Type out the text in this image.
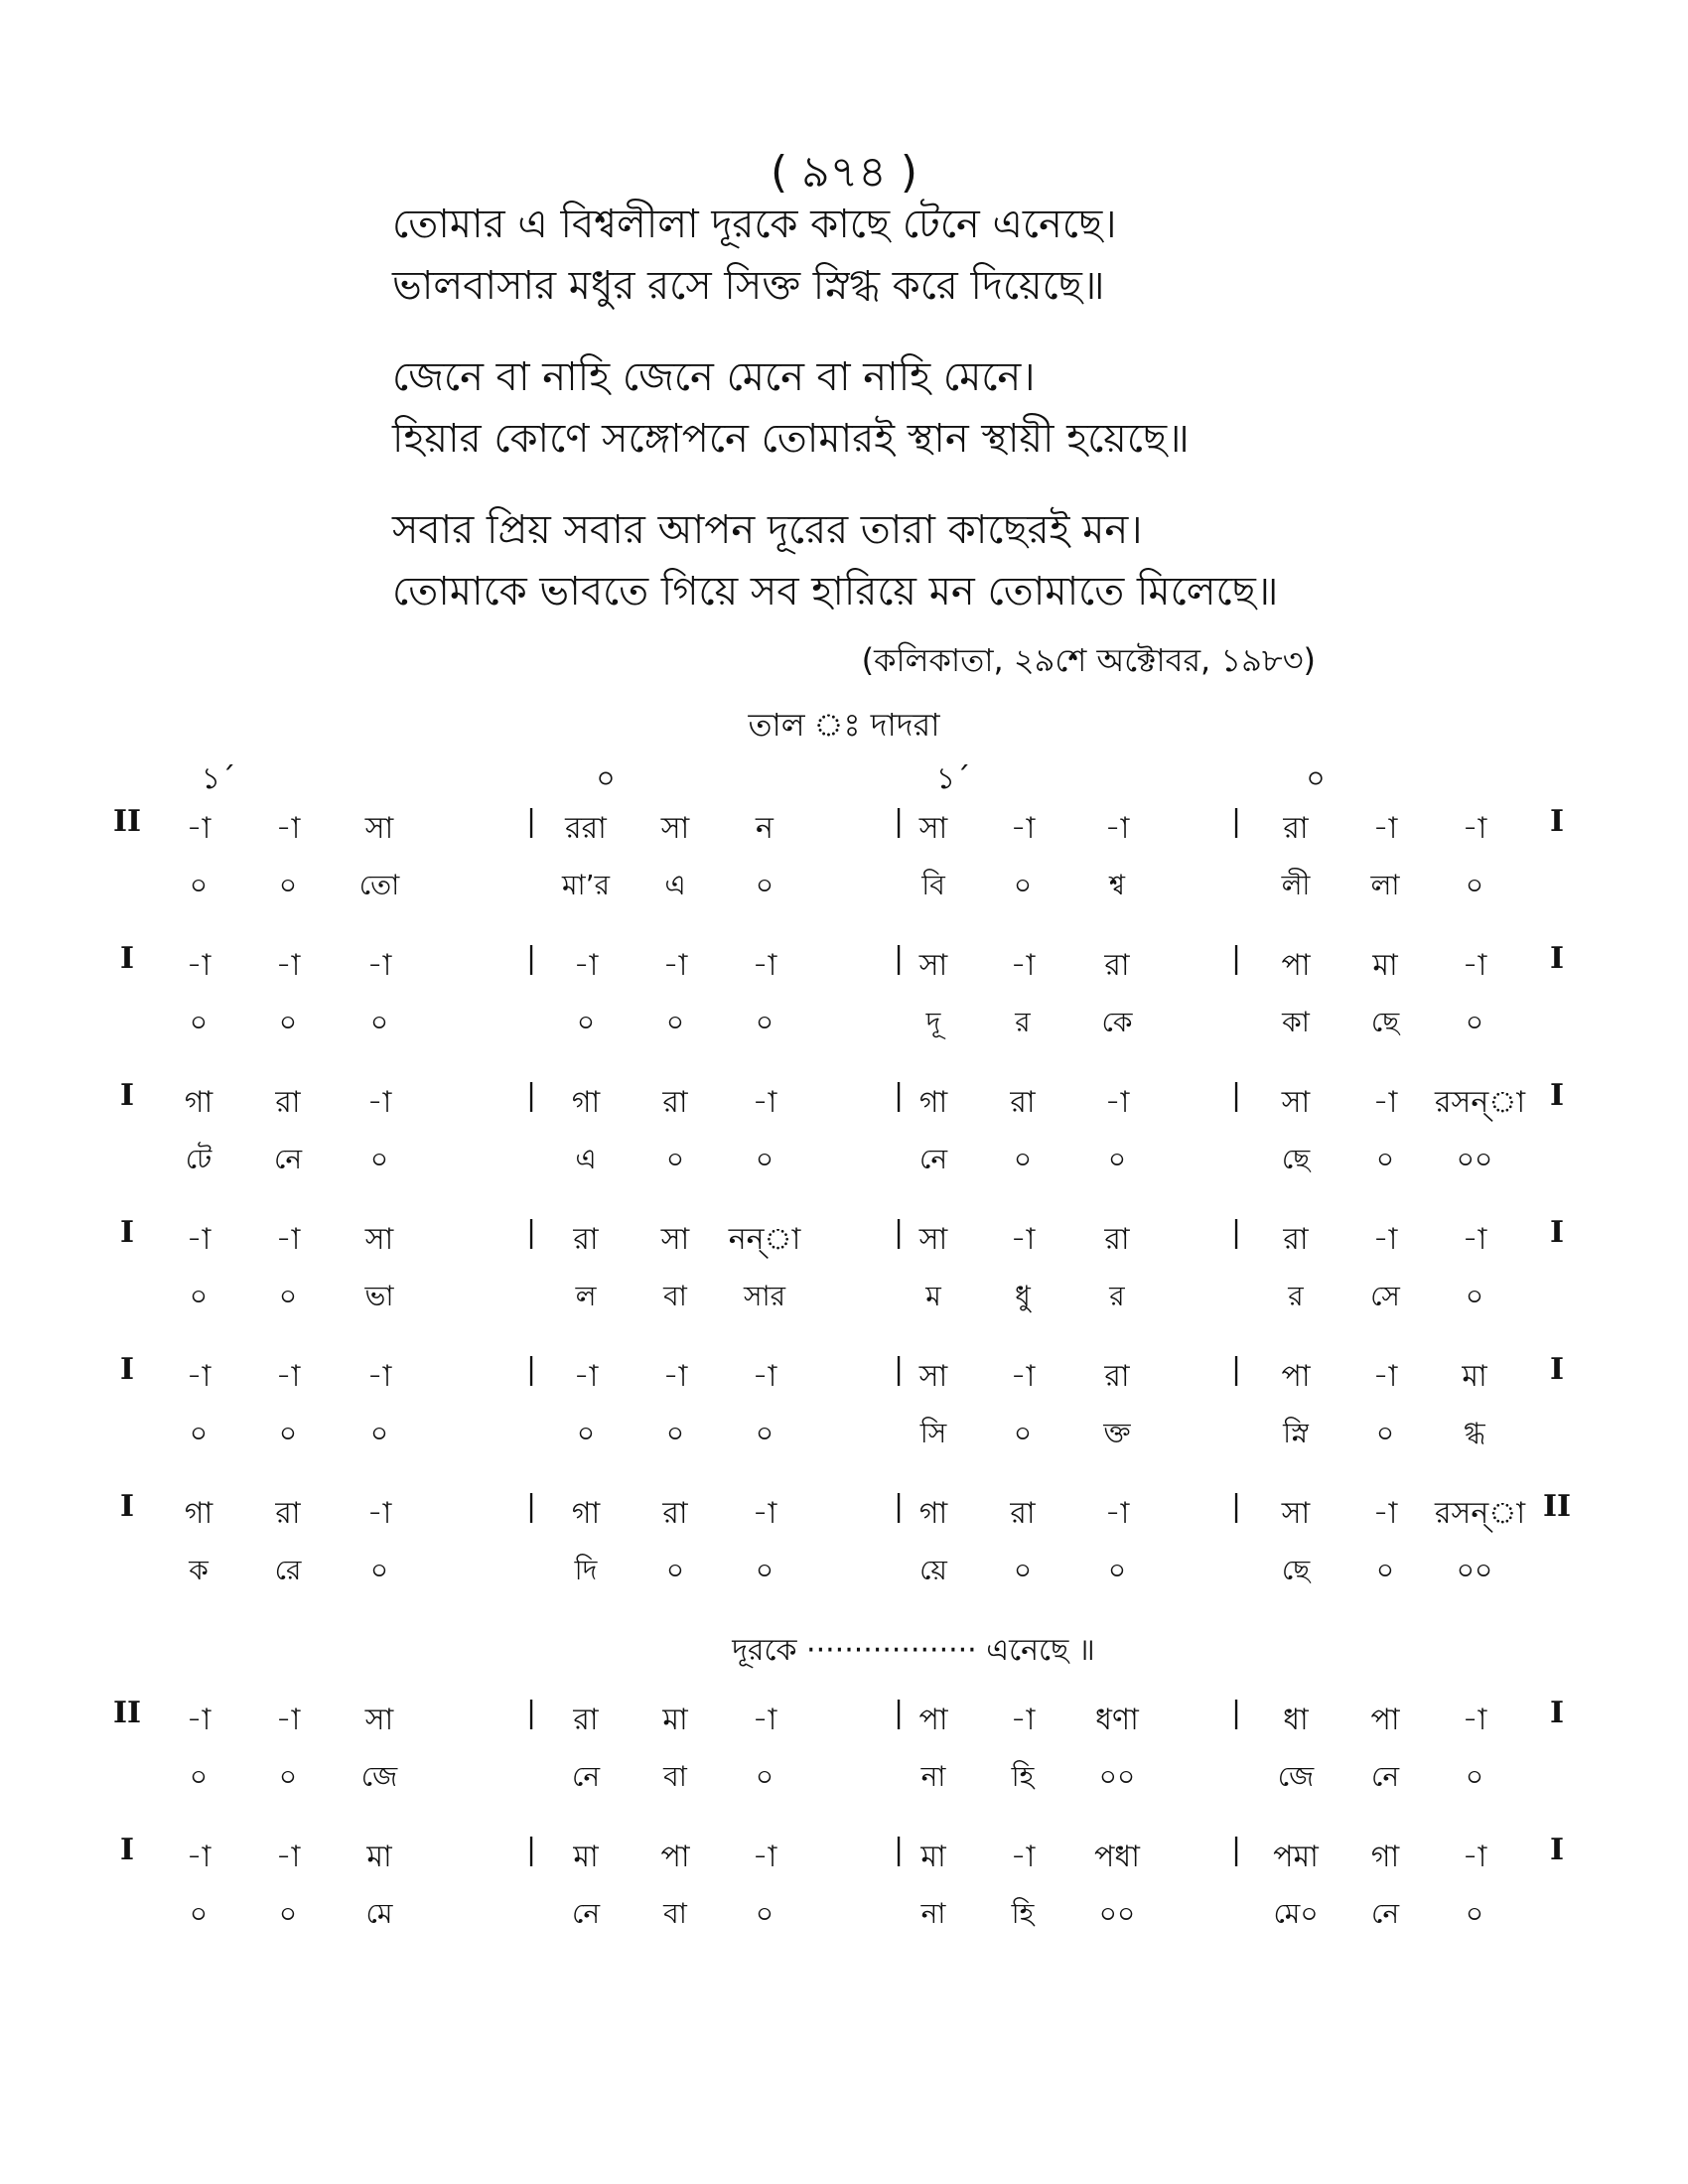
( ৯৭৪ )
তোমার এ বিশ্বলীলা দূরকে কাছে টেনে এনেছে।
ভালবাসার মধুর রসে সিক্ত স্নিগ্ধ করে দিয়েছে॥
জেনে বা নাহি জেনে মেনে বা নাহি মেনে।
হিয়ার কোণে সঙ্গোপনে তোমারই স্থান স্থায়ী হয়েছে॥
সবার প্রিয় সবার আপন দূরের তারা কাছেরই মন।
তোমাকে ভাবতে গিয়ে সব হারিয়ে মন তোমাতে মিলেছে॥
(কলিকাতা, ২৯শে অক্টোবর, ১৯৮৩)
তাল ঃ দাদরা
১´	০	১´	০
II	-া	-া	সা	| ররা	সা	ন	| সা	-া	-া	|	রা	-া	-া	I
০	০	তো	মা’র	এ	০	বি	০	শ্ব	লী	লা	০
I	-া	-া	-া	|	-া	-া	-া	| সা	-া	রা	|	পা	মা	-া	I
০	০	০	০	০	০	দূ	র	কে	কা	ছে	০
I	গা	রা	-া	|	গা	রা	-া	| গা	রা	-া	|	সা	-া	রসন্‌া I
টে	নে	০	এ	০	০	নে	০	০	ছে	০	০০
I	-া	-া	সা	|	রা	সা	নন্‌া	| সা	-া	রা	|	রা	-া	-া	I
০	০	ভা	ল	বা	সার	ম	ধু	র	র	সে	০
I	-া	-া	-া	|	-া	-া	-া	| সা	-া	রা	|	পা	-া	মা	I
০	০	০	০	০	০	সি	০	ক্ত	স্নি	০	গ্ধ
I	গা	রা	-া	|	গা	রা	-া	| গা	রা	-া	|	সা	-া	রসন্‌া II
ক	রে	০	দি	০	০	য়ে	০	০	ছে	০	০০
দূরকে ·················· এনেছে ॥
II	-া	-া	সা	|	রা	মা	-া	| পা	-া	ধণা	|	ধা	পা	-া	I
০	০	জে	নে	বা	০	না	হি	০০	জে	নে	০
I	-া	-া	মা	|	মা	পা	-া	| মা	-া	পধা	|	পমা	গা	-া	I
০	০	মে	নে	বা	০	না	হি	০০	মে০	নে	০
